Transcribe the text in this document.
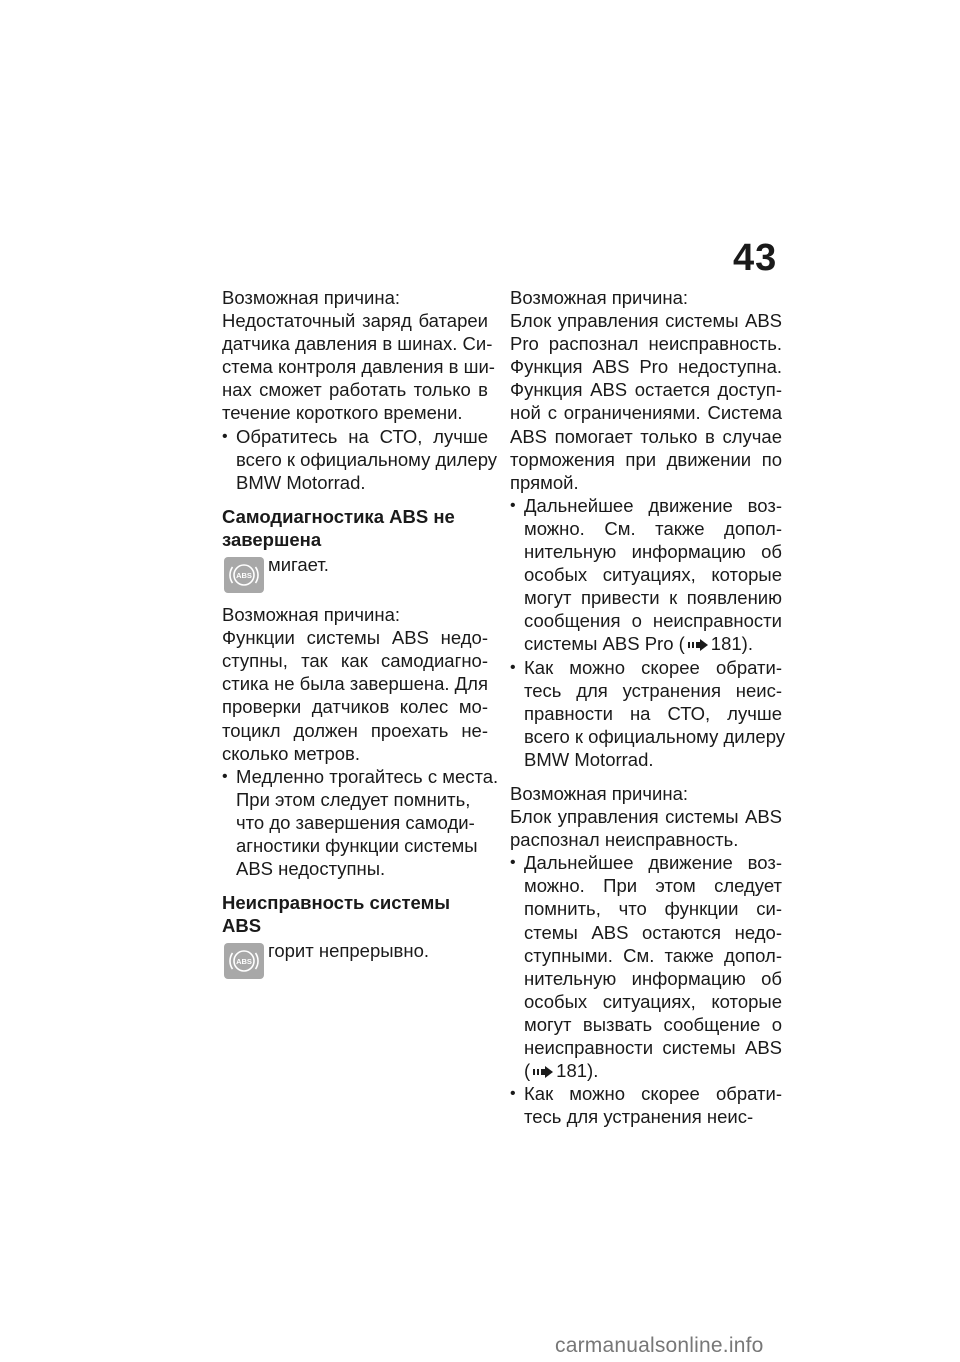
43
Возможная причина:
Недостаточный заряд батареи
датчика давления в шинах. Си-
стема контроля давления в ши-
нах сможет работать только в
течение короткого времени.
• Обратитесь на СТО, лучше
всего к официальному дилеру
BMW Motorrad.
Самодиагностика ABS не
завершена
ABS
мигает.
Возможная причина:
Функции системы ABS недо-
ступны, так как самодиагно-
стика не была завершена. Для
проверки датчиков колес мо-
тоцикл должен проехать не-
сколько метров.
• Медленно трогайтесь с места.
При этом следует помнить,
что до завершения самоди-
агностики функции системы
ABS недоступны.
Неисправность системы
ABS
ABS
горит непрерывно.
Возможная причина:
Блок управления системы ABS
Pro распознал неисправность.
Функция ABS Pro недоступна.
Функция ABS остается доступ-
ной с ограничениями. Система
ABS помогает только в случае
торможения при движении по
прямой.
• Дальнейшее движение воз-
можно. См. также допол-
нительную информацию об
особых ситуациях, которые
могут привести к появлению
сообщения о неисправности
системы ABS Pro ( 181).
• Как можно скорее обрати-
тесь для устранения неис-
правности на СТО, лучше
всего к официальному дилеру
BMW Motorrad.
Возможная причина:
Блок управления системы ABS
распознал неисправность.
• Дальнейшее движение воз-
можно. При этом следует
помнить, что функции си-
стемы ABS остаются недо-
ступными. См. также допол-
нительную информацию об
особых ситуациях, которые
могут вызвать сообщение о
неисправности системы ABS
( 181).
• Как можно скорее обрати-
тесь для устранения неис-
carmanualsonline.info
